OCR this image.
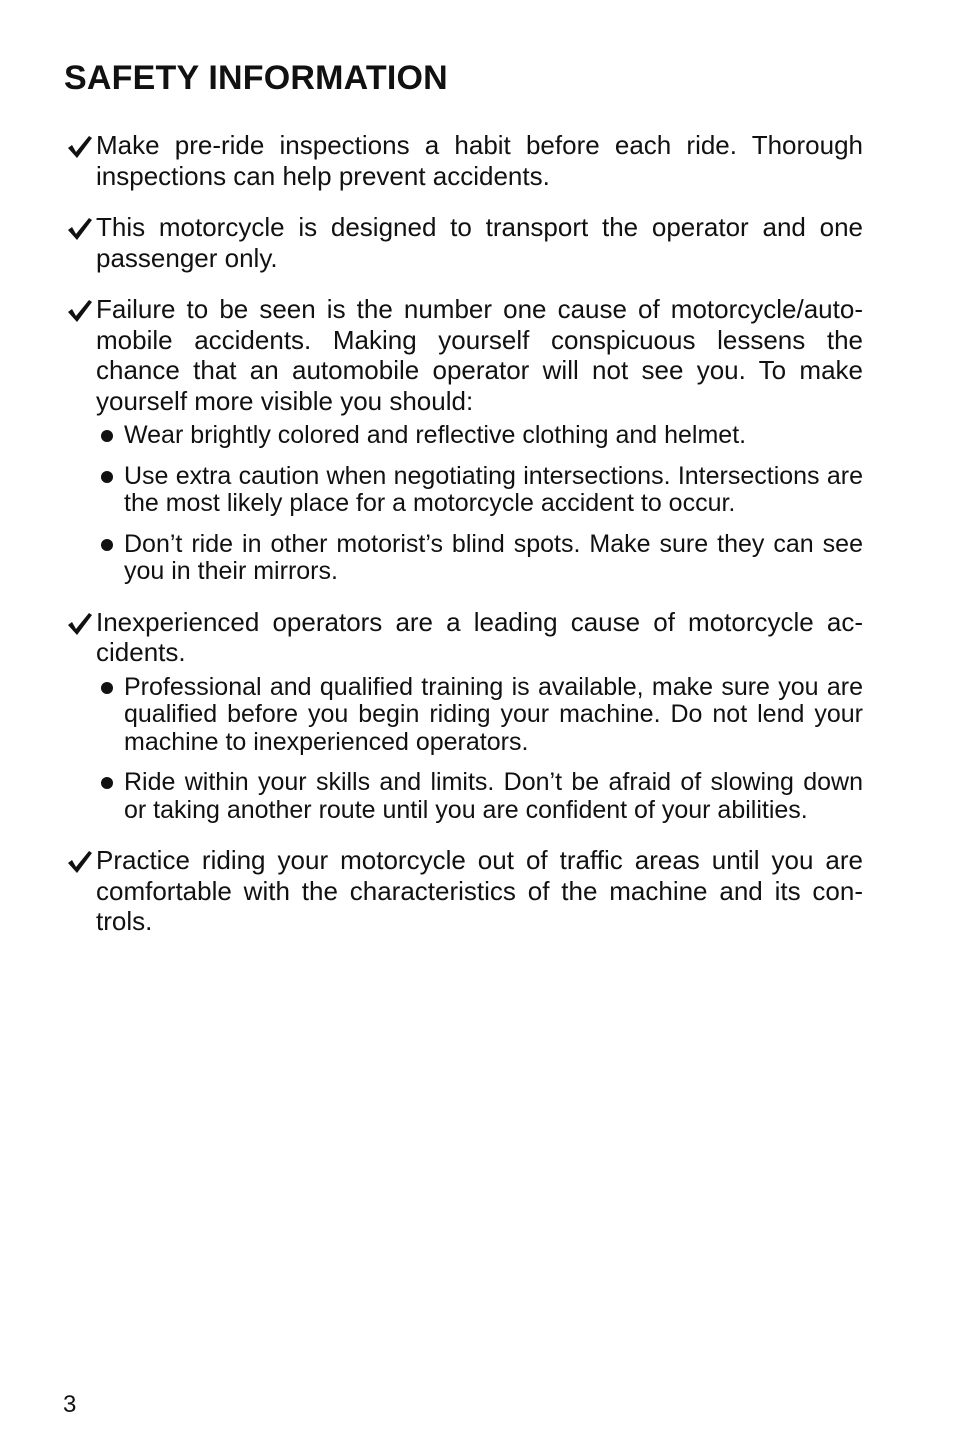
SAFETY INFORMATION
Make pre-ride inspections a habit before each ride. Thorough inspections can help prevent accidents.
This motorcycle is designed to transport the operator and one passenger only.
Failure to be seen is the number one cause of motorcycle/auto-mobile accidents. Making yourself conspicuous lessens the chance that an automobile operator will not see you. To make yourself more visible you should:
Wear brightly colored and reflective clothing and helmet.
Use extra caution when negotiating intersections. Intersections are the most likely place for a motorcycle accident to occur.
Don’t ride in other motorist’s blind spots. Make sure they can see you in their mirrors.
Inexperienced operators are a leading cause of motorcycle ac-cidents.
Professional and qualified training is available, make sure you are qualified before you begin riding your machine. Do not lend your machine to inexperienced operators.
Ride within your skills and limits. Don’t be afraid of slowing down or taking another route until you are confident of your abilities.
Practice riding your motorcycle out of traffic areas until you are comfortable with the characteristics of the machine and its con-trols.
3
